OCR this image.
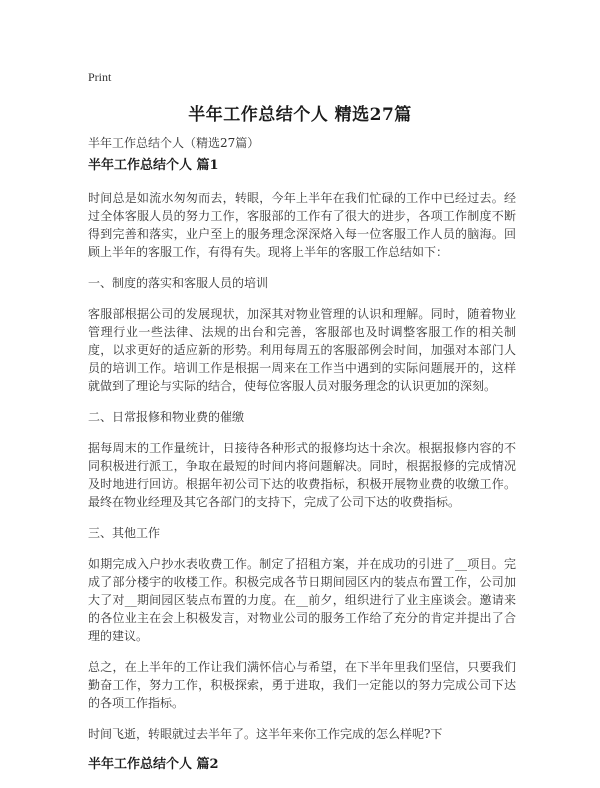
Print
半年工作总结个人 精选27篇
半年工作总结个人（精选27篇）
半年工作总结个人 篇1

时间总是如流水匆匆而去，转眼，今年上半年在我们忙碌的工作中已经过去。经过全体客服人员的努力工作，客服部的工作有了很大的进步，各项工作制度不断得到完善和落实，业户至上的服务理念深深烙入每一位客服工作人员的脑海。回顾上半年的客服工作，有得有失。现将上半年的客服工作总结如下：

一、制度的落实和客服人员的培训

客服部根据公司的发展现状，加深其对物业管理的认识和理解。同时，随着物业管理行业一些法律、法规的出台和完善，客服部也及时调整客服工作的相关制度，以求更好的适应新的形势。利用每周五的客服部例会时间，加强对本部门人员的培训工作。培训工作是根据一周来在工作当中遇到的实际问题展开的，这样就做到了理论与实际的结合，使每位客服人员对服务理念的认识更加的深刻。

二、日常报修和物业费的催缴

据每周末的工作量统计，日接待各种形式的报修均达十余次。根据报修内容的不同积极进行派工，争取在最短的时间内将问题解决。同时，根据报修的完成情况及时地进行回访。根据年初公司下达的收费指标，积极开展物业费的收缴工作。最终在物业经理及其它各部门的支持下，完成了公司下达的收费指标。

三、其他工作

如期完成入户抄水表收费工作。制定了招租方案，并在成功的引进了__项目。完成了部分楼宇的收楼工作。积极完成各节日期间园区内的装点布置工作，公司加大了对__期间园区装点布置的力度。在__前夕，组织进行了业主座谈会。邀请来的各位业主在会上积极发言，对物业公司的服务工作给了充分的肯定并提出了合理的建议。

总之，在上半年的工作让我们满怀信心与希望，在下半年里我们坚信，只要我们勤奋工作，努力工作，积极探索，勇于进取，我们一定能以的努力完成公司下达的各项工作指标。

时间飞逝，转眼就过去半年了。这半年来你工作完成的怎么样呢?下

半年工作总结个人 篇2
